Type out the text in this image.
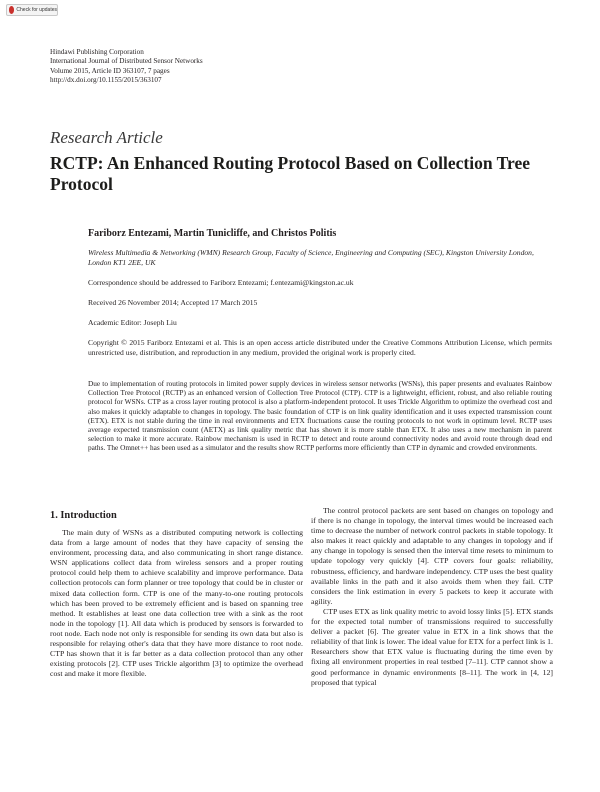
Check for updates
Hindawi Publishing Corporation
International Journal of Distributed Sensor Networks
Volume 2015, Article ID 363107, 7 pages
http://dx.doi.org/10.1155/2015/363107
Research Article
RCTP: An Enhanced Routing Protocol Based on Collection Tree Protocol
Fariborz Entezami, Martin Tunicliffe, and Christos Politis
Wireless Multimedia & Networking (WMN) Research Group, Faculty of Science, Engineering and Computing (SEC), Kingston University London, London KT1 2EE, UK
Correspondence should be addressed to Fariborz Entezami; f.entezami@kingston.ac.uk
Received 26 November 2014; Accepted 17 March 2015
Academic Editor: Joseph Liu
Copyright © 2015 Fariborz Entezami et al. This is an open access article distributed under the Creative Commons Attribution License, which permits unrestricted use, distribution, and reproduction in any medium, provided the original work is properly cited.
Due to implementation of routing protocols in limited power supply devices in wireless sensor networks (WSNs), this paper presents and evaluates Rainbow Collection Tree Protocol (RCTP) as an enhanced version of Collection Tree Protocol (CTP). CTP is a lightweight, efficient, robust, and also reliable routing protocol for WSNs. CTP as a cross layer routing protocol is also a platform-independent protocol. It uses Trickle Algorithm to optimize the overhead cost and also makes it quickly adaptable to changes in topology. The basic foundation of CTP is on link quality identification and it uses expected transmission count (ETX). ETX is not stable during the time in real environments and ETX fluctuations cause the routing protocols to not work in optimum level. RCTP uses average expected transmission count (AETX) as link quality metric that has shown it is more stable than ETX. It also uses a new mechanism in parent selection to make it more accurate. Rainbow mechanism is used in RCTP to detect and route around connectivity nodes and avoid route through dead end paths. The Omnet++ has been used as a simulator and the results show RCTP performs more efficiently than CTP in dynamic and crowded environments.
1. Introduction

The main duty of WSNs as a distributed computing network is collecting data from a large amount of nodes that they have capacity of sensing the environment, processing data, and also communicating in short range distance. WSN applications collect data from wireless sensors and a proper routing protocol could help them to achieve scalability and improve performance. Data collection protocols can form planner or tree topology that could be in cluster or mixed data collection form. CTP is one of the many-to-one routing protocols which has been proved to be extremely efficient and is based on spanning tree method. It establishes at least one data collection tree with a sink as the root node in the topology [1]. All data which is produced by sensors is forwarded to root node. Each node not only is responsible for sending its own data but also is responsible for relaying other's data that they have more distance to root node. CTP has shown that it is far better as a data collection protocol than any other existing protocols [2]. CTP uses Trickle algorithm [3] to optimize the overhead cost and make it more flexible.

The control protocol packets are sent based on changes on topology and if there is no change in topology, the interval times would be increased each time to decrease the number of network control packets in stable topology. It also makes it react quickly and adaptable to any changes in topology and if any change in topology is sensed then the interval time resets to minimum to update topology very quickly [4]. CTP covers four goals: reliability, robustness, efficiency, and hardware independency. CTP uses the best quality available links in the path and it also avoids them when they fail. CTP considers the link estimation in every 5 packets to keep it accurate with agility.

CTP uses ETX as link quality metric to avoid lossy links [5]. ETX stands for the expected total number of transmissions required to successfully deliver a packet [6]. The greater value in ETX in a link shows that the reliability of that link is lower. The ideal value for ETX for a perfect link is 1. Researchers show that ETX value is fluctuating during the time even by fixing all environment properties in real testbed [7–11]. CTP cannot show a good performance in dynamic environments [8–11]. The work in [4, 12] proposed that typical
